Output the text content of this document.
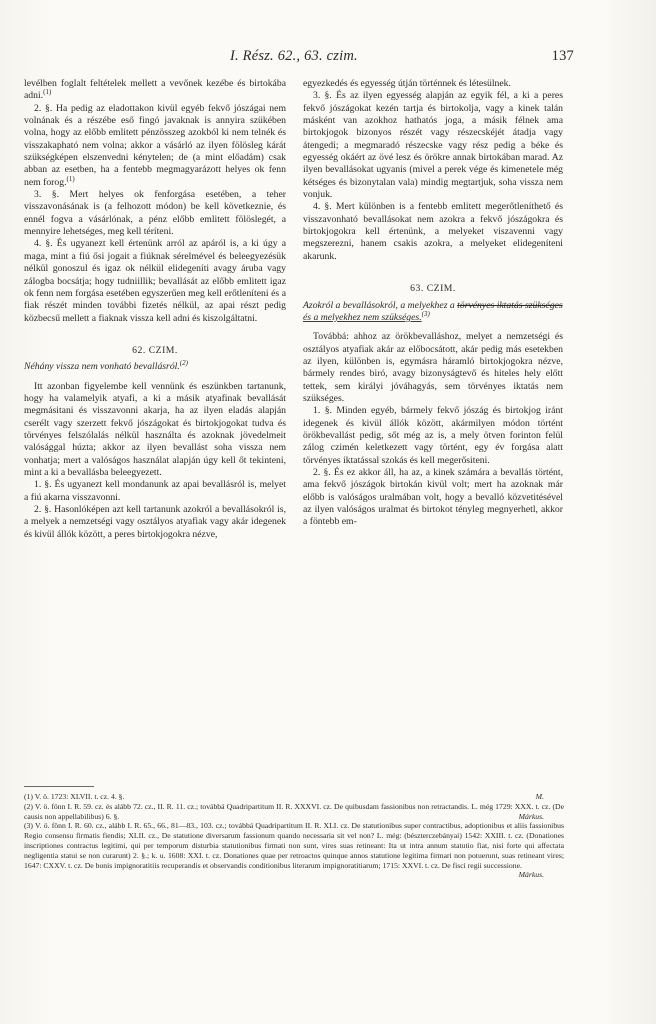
I. Rész. 62., 63. czim.	137

levélben foglalt feltételek mellett a vevőnek kezébe és birtokába adni.$^{(1)}$

2. §. Ha pedig az eladottakon kivül egyéb fekvő jószágai nem volnának és a részébe eső fingó javaknak is annyira szükében volna, hogy az előbb emlitett pénzösszeg azokból ki nem telnék és visszakapható nem volna; akkor a vásárló az ilyen fölösleg kárát szükségképen elszenvedni kénytelen; de (a mint előadám) csak abban az esetben, ha a fentebb megmagyarázott helyes ok fenn nem forog.$^{(1)}$

3. §. Mert helyes ok fenforgása esetében, a teher visszavonásának is (a felhozott módon) be kell következnie, és ennél fogva a vásárlónak, a pénz előbb emlitett fölöslegét, a mennyire lehetséges, meg kell téríteni.

4. §. És ugyanezt kell értenünk arról az apáról is, a ki úgy a maga, mint a fiú ősi jogait a fiúknak sérelmével és beleegyezésük nélkül gonoszul és igaz ok nélkül elidegeníti avagy áruba vagy zálogba bocsátja; hogy tudniillik; bevallását az előbb emlitett igaz ok fenn nem forgása esetében egyszerűen meg kell erőtleníteni és a fiak részét minden további fizetés nélkül, az apai részt pedig közbecsű mellett a fiaknak vissza kell adni és kiszolgáltatni.

62. CZIM.

Néhány vissza nem vonható bevallásról.$^{(2)}$

Itt azonban figyelembe kell vennünk és eszünkben tartanunk, hogy ha valamelyik atyafi, a ki a másik atyafinak bevallását megmásitani és visszavonni akarja, ha az ilyen eladás alapján cserélt vagy szerzett fekvő jószágokat és birtokjogokat tudva és törvényes felszólalás nélkül használta és azoknak jövedelmeit valósággal húzta; akkor az ilyen bevallást soha vissza nem vonhatja; mert a valóságos használat alapján úgy kell őt tekinteni, mint a ki a bevallásba beleegyezett.

1. §. És ugyanezt kell mondanunk az apai bevallásról is, melyet a fiú akarna visszavonni.

2. §. Hasonlóképen azt kell tartanunk azokról a bevallásokról is, a melyek a nemzetségi vagy osztályos atyafiak vagy akár idegenek és kivül állók között, a peres birtokjogokra nézve,

egyezkedés és egyesség útján történnek és létesülnek.

3. §. És az ilyen egyesség alapján az egyik fél, a ki a peres fekvő jószágokat kezén tartja és birtokolja, vagy a kinek talán másként van azokhoz hathatós joga, a másik félnek ama birtokjogok bizonyos részét vagy részecskéjét átadja vagy átengedi; a megmaradó részecske vagy rész pedig a béke és egyesség okáért az övé lesz és örökre annak birtokában marad. Az ilyen bevallásokat ugyanis (mivel a perek vége és kimenetele még kétséges és bizonytalan vala) mindig megtartjuk, soha vissza nem vonjuk.

4. §. Mert különben is a fentebb emlitett megerőtleníthető és visszavonható bevallásokat nem azokra a fekvő jószágokra és birtokjogokra kell értenünk, a melyeket viszavenni vagy megszerezni, hanem csakis azokra, a melyeket elidegeníteni akarunk.

63. CZIM.

Azokról a bevallásokról, a melyekhez a törvényes iktatás szükséges és a melyekhez nem szükséges.$^{(3)}$

Továbbá: ahhoz az örökbevalláshoz, melyet a nemzetségi és osztályos atyafiak akár az előbocsátott, akár pedig más esetekben az ilyen, különben is, egymásra háramló birtokjogokra nézve, bármely rendes biró, avagy bizonyságtevő és hiteles hely előtt tettek, sem királyi jóváhagyás, sem törvényes iktatás nem szükséges.

1. §. Minden egyéb, bármely fekvő jószág és birtokjog iránt idegenek és kivül állók között, akármilyen módon történt örökbevallást pedig, sőt még az is, a mely ötven forinton felül zálog czimén keletkezett vagy történt, egy év forgása alatt törvényes iktatással szokás és kell megerősiteni.

2. §. És ez akkor áll, ha az, a kinek számára a bevallás történt, ama fekvő jószágok birtokán kivül volt; mert ha azoknak már előbb is valóságos uralmában volt, hogy a bevalló közvetitésével az ilyen valóságos uralmat és birtokot tényleg megnyerhetl, akkor a föntebb em-

(1) V. ö. 1723: XLVII. t. cz. 4. §.	M.

(2) V. ö. fönn I. R. 59. cz. és alább 72. cz., II. R. 11. cz.; továbbá Quadripartitum II. R. XXXVI. cz. De quibusdam fassionibus non retractandis. L. még 1729: XXX. t. cz. (De causis non appellabilibus) 6. §.	Márkus.

(3) V. ö. fönn I. R. 60. cz., alább I. R. 65., 66., 81—83., 103. cz.; továbbá Quadripartitum II. R. XLI. cz. De statutionibus super contractibus, adoptionibus et aliis fassionibus Regio consensu firmatis fiendis; XLII. cz., De statutione diversarum fassionum quando necessaria sit vel non? L. még: (bészterczebányai) 1542: XXIII. t. cz. (Donationes inscriptiones contractus legitimi, qui per temporum disturbia statutionibus firmati non sunt, vires suas retineant: Ita ut intra annum statutio fiat, nisi forte qui affectata negligentia statui se non curarunt) 2. §.; k. u. 1608: XXI. t. cz. Donationes quae per retroactos quinque annos statutione legitima firmari non potuerunt, suas retineant vires; 1647: CXXV. t. cz. De bonis impignoratitiis recuperandis et observandis conditionibus literarum impignoratitiarum; 1715: XXVI. t. cz. De fisci regii successione.
Márkus.
